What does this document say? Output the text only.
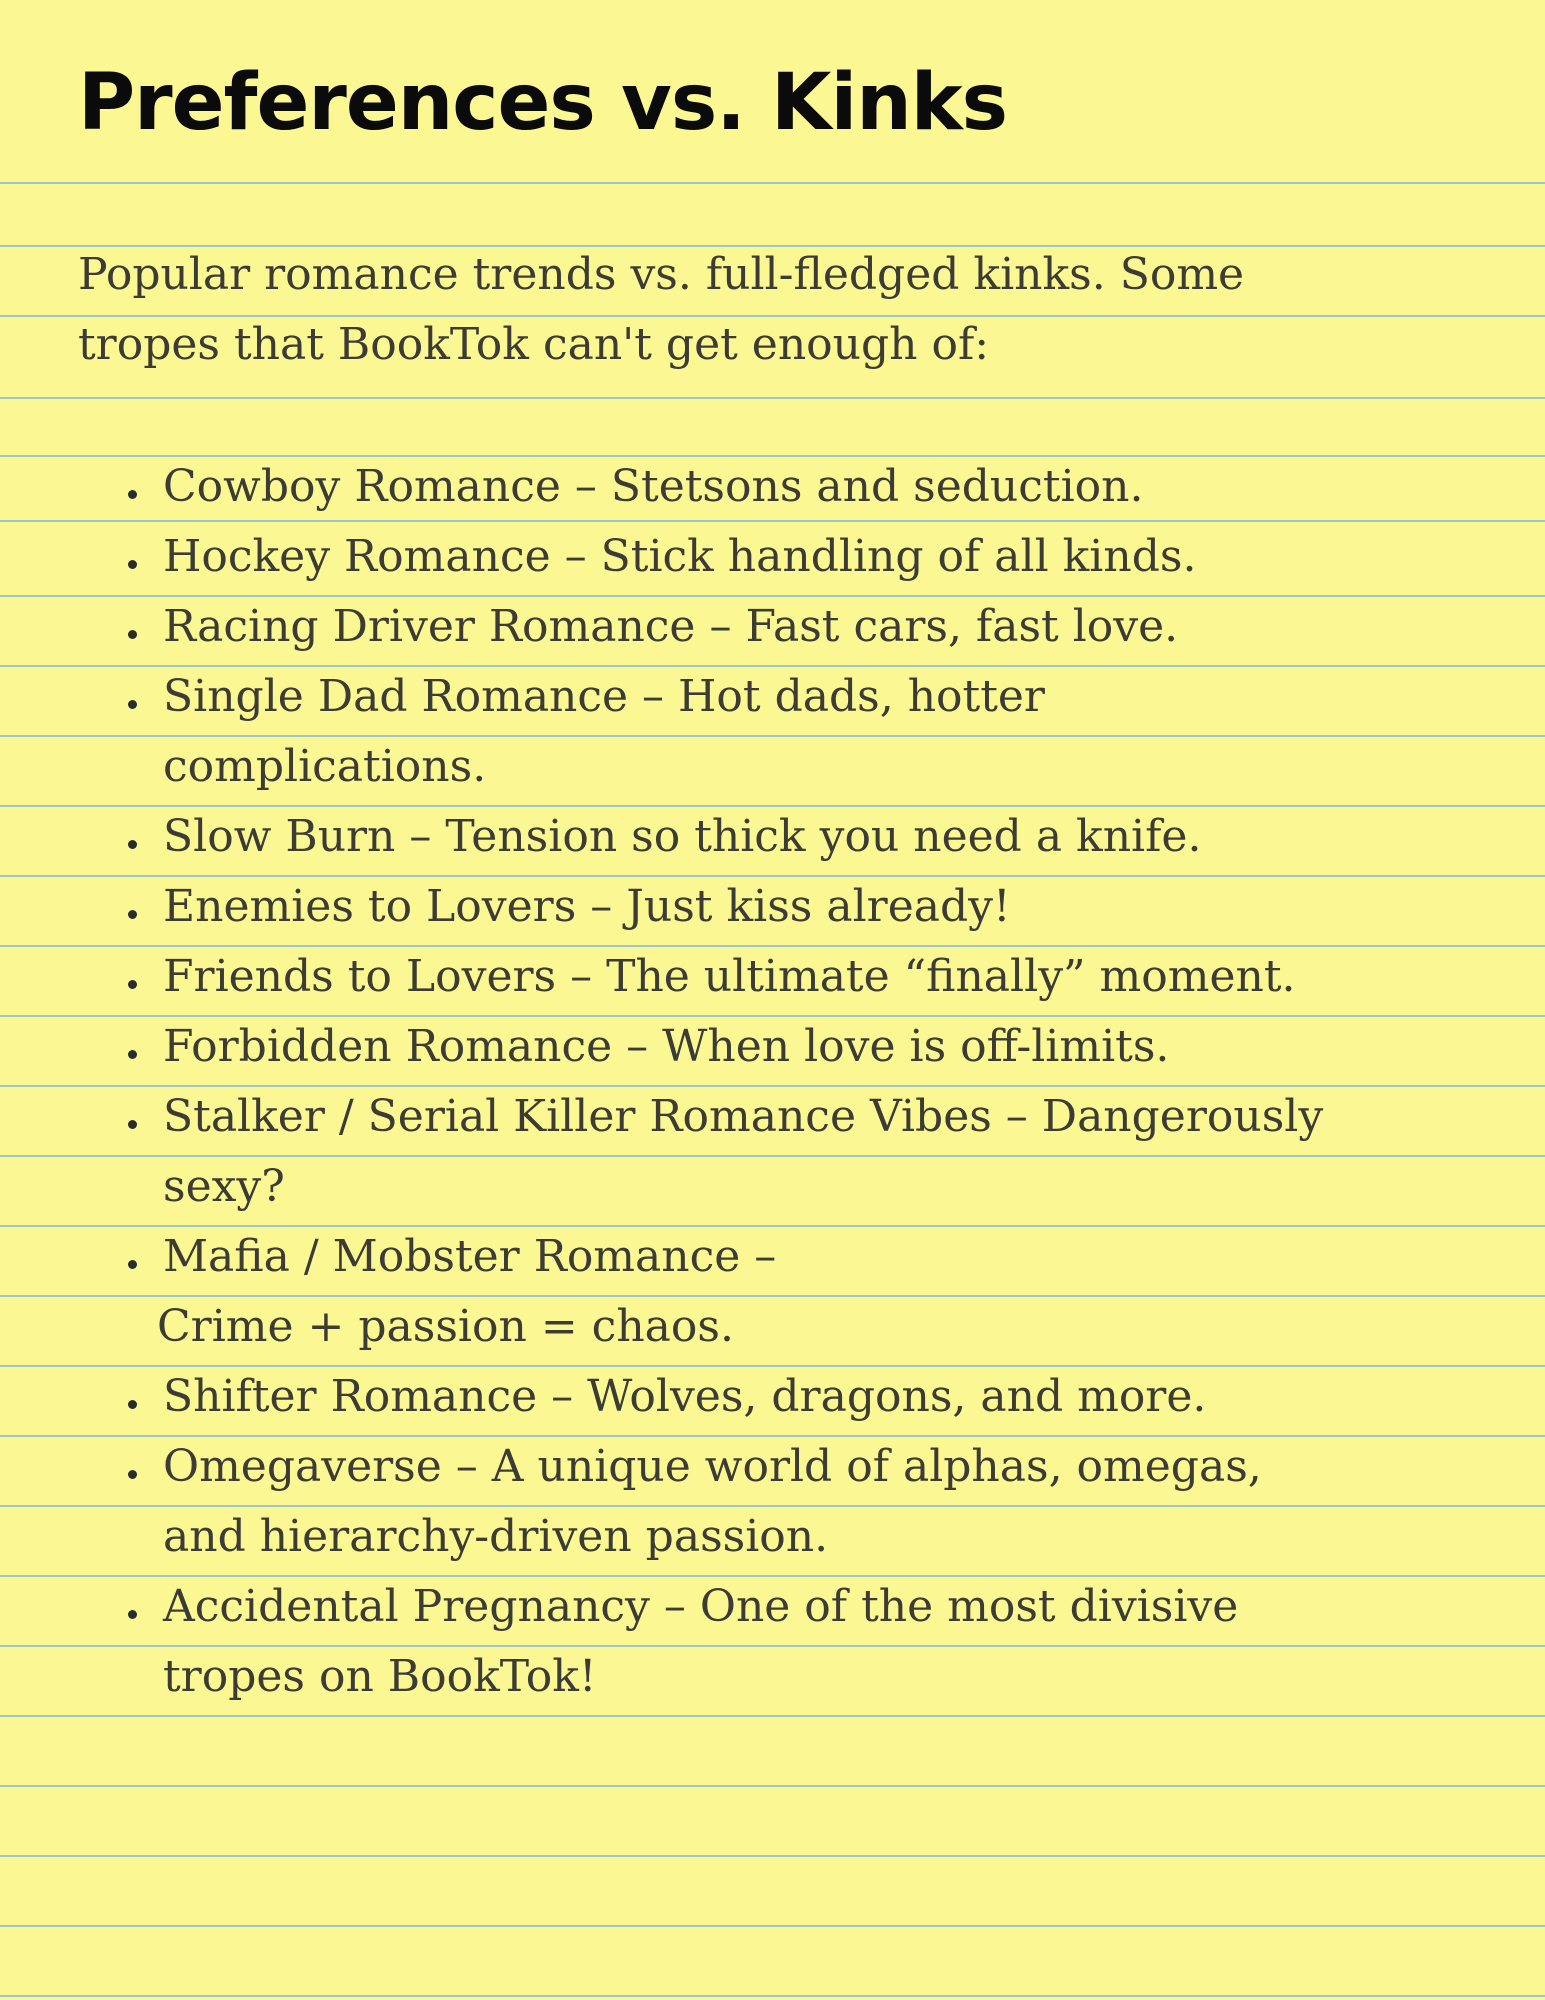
Preferences vs. Kinks
Popular romance trends vs. full-fledged kinks. Some
tropes that BookTok can't get enough of:
Cowboy Romance – Stetsons and seduction.
Hockey Romance – Stick handling of all kinds.
Racing Driver Romance – Fast cars, fast love.
Single Dad Romance – Hot dads, hotter
complications.
Slow Burn – Tension so thick you need a knife.
Enemies to Lovers – Just kiss already!
Friends to Lovers – The ultimate “finally” moment.
Forbidden Romance – When love is off-limits.
Stalker / Serial Killer Romance Vibes – Dangerously
sexy?
Mafia / Mobster Romance –
Crime + passion = chaos.
Shifter Romance – Wolves, dragons, and more.
Omegaverse – A unique world of alphas, omegas,
and hierarchy-driven passion.
Accidental Pregnancy – One of the most divisive
tropes on BookTok!
